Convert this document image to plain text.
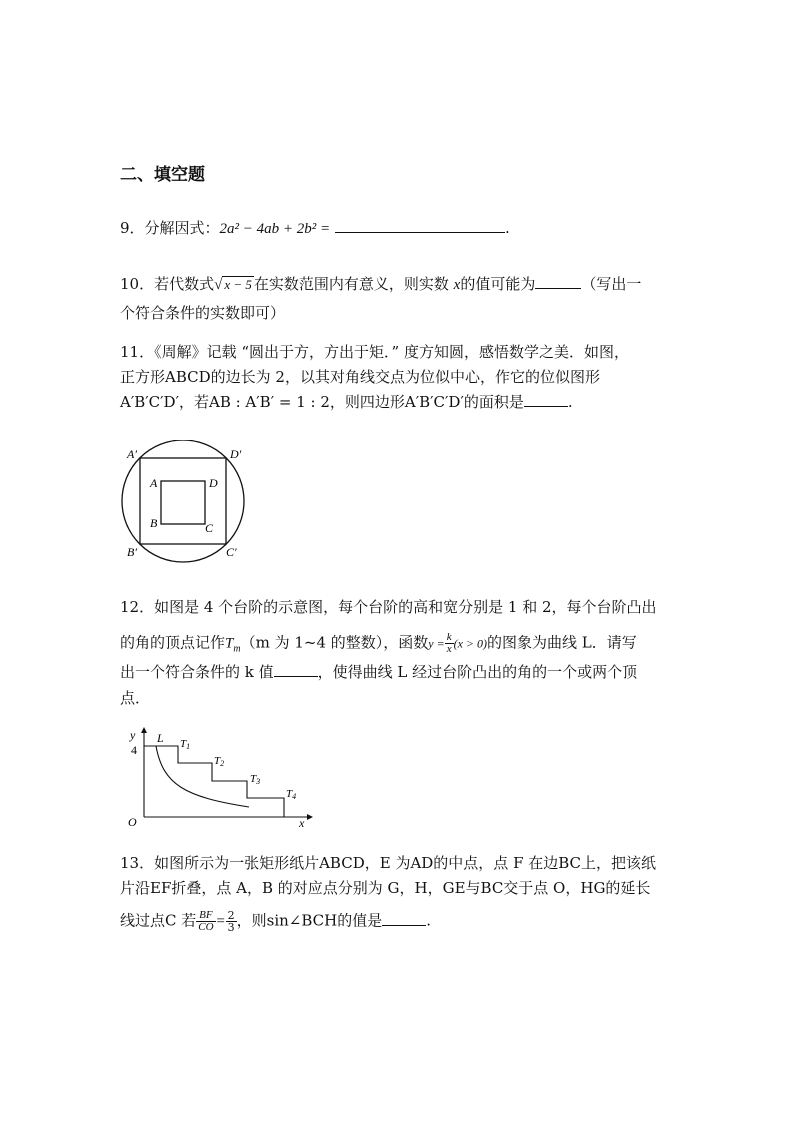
二、填空题
9．分解因式：2a² − 4ab + 2b² =	.
10．若代数式√ x − 5 在实数范围内有意义，则实数 x的值可能为	（写出一
个符合条件的实数即可）
11．《周解》记载 “圆出于方，方出于矩．” 度方知圆，感悟数学之美．如图，
正方形ABCD的边长为 2，以其对角线交点为位似中心，作它的位似图形
A′B′C′D′，若AB : A′B′ = 1 : 2，则四边形A′B′C′D′的面积是	.
A′	D′
B′	C′
A	D
B	C
12．如图是 4 个台阶的示意图，每个台阶的高和宽分别是 1 和 2，每个台阶凸出
的角的顶点记作$T_m(m$ 为 1~4 的整数），函数$y = \frac{k}{x} (x > 0)$的图象为曲线 L．请写
出一个符合条件的 k 值	，使得曲线 L 经过台阶凸出的角的一个或两个顶
点．
y
x
O
4
L T1
T2
T3
T4
13．如图所示为一张矩形纸片ABCD，E 为AD的中点，点 F 在边BC上，把该纸
片沿EF折叠，点 A，B 的对应点分别为 G，H，GE与BC交于点 O，HG的延长
线过点C 若 $\frac{BF}{CO} = \frac{2}{3}$ ，则sin∠BCH的值是	.
